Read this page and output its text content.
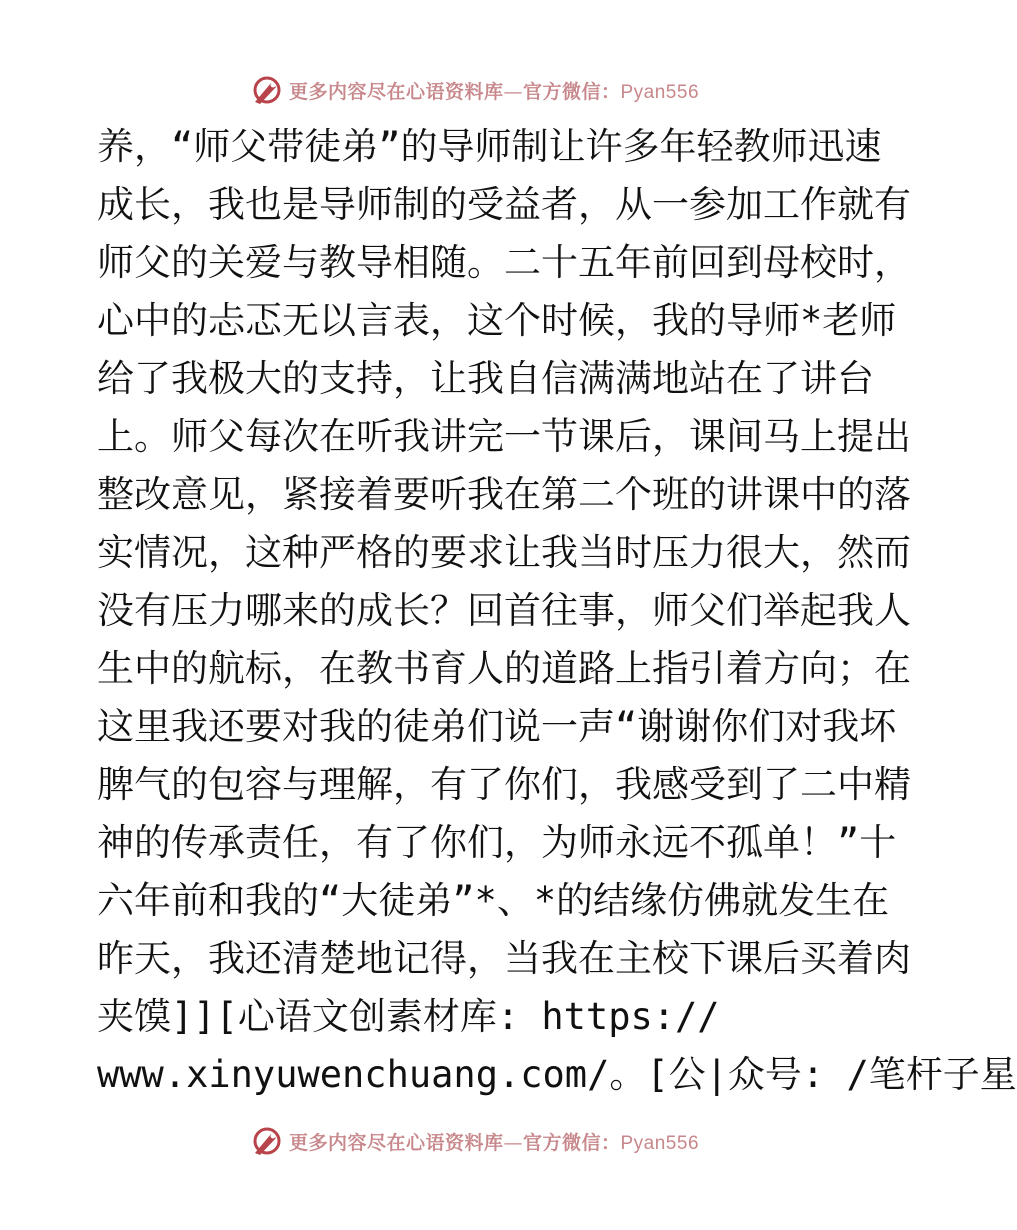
更多内容尽在心语资料库—官方微信：Pyan556
养，“师父带徒弟”的导师制让许多年轻教师迅速
成长，我也是导师制的受益者，从一参加工作就有
师父的关爱与教导相随。二十五年前回到母校时，
心中的忐忑无以言表，这个时候，我的导师*老师
给了我极大的支持，让我自信满满地站在了讲台
上。师父每次在听我讲完一节课后，课间马上提出
整改意见，紧接着要听我在第二个班的讲课中的落
实情况，这种严格的要求让我当时压力很大，然而
没有压力哪来的成长？回首往事，师父们举起我人
生中的航标，在教书育人的道路上指引着方向；在
这里我还要对我的徒弟们说一声“谢谢你们对我坏
脾气的包容与理解，有了你们，我感受到了二中精
神的传承责任，有了你们，为师永远不孤单！”十
六年前和我的“大徒弟”*、*的结缘仿佛就发生在
昨天，我还清楚地记得，当我在主校下课后买着肉
夹馍]][心语文创素材库: https://
www.xinyuwenchuang.com/。[公|众号: /笔杆子星
更多内容尽在心语资料库—官方微信：Pyan556
